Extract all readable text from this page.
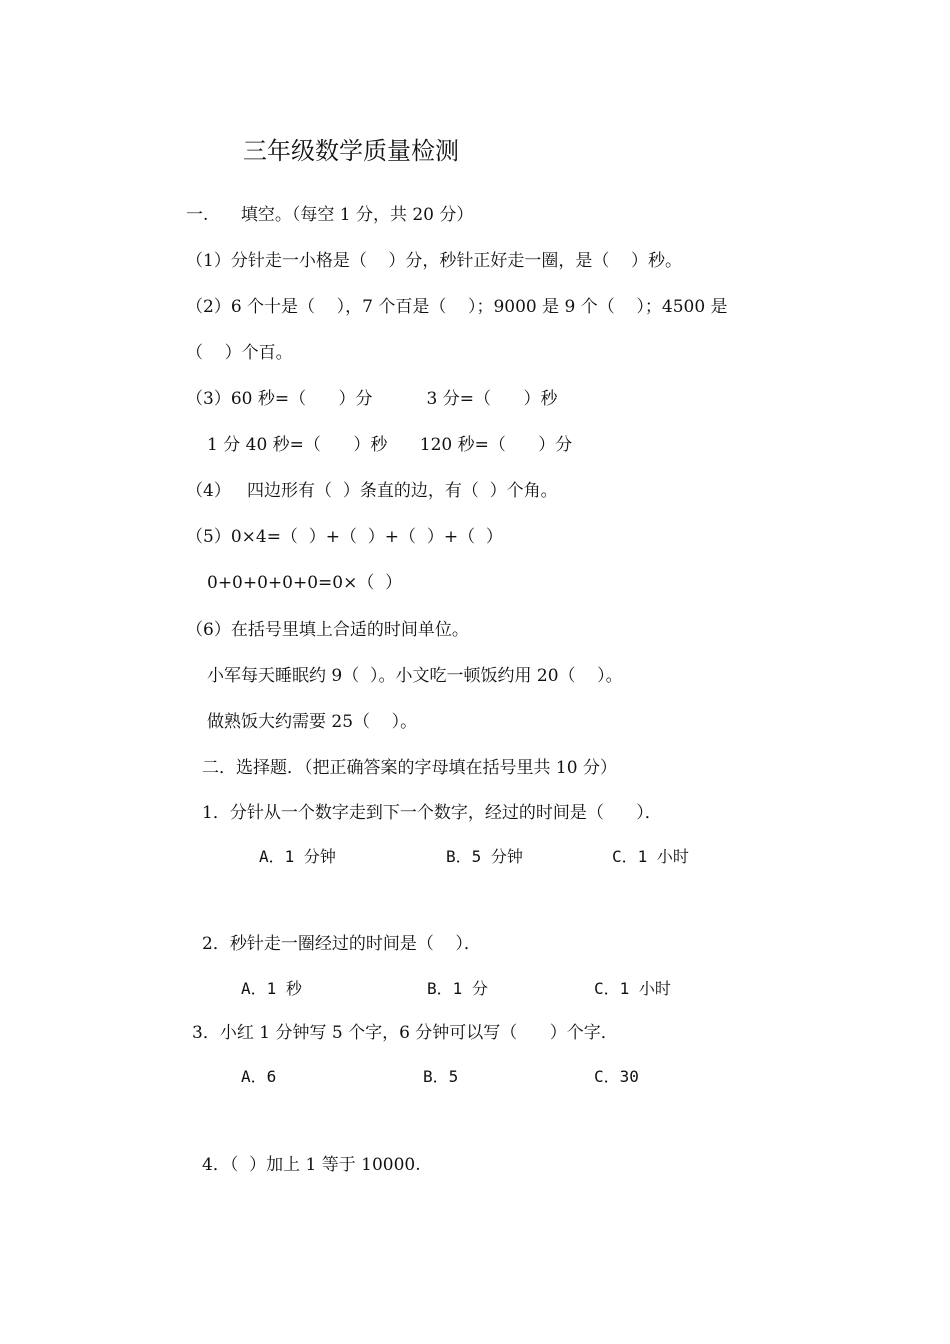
三年级数学质量检测
一.      填空。（每空 1 分，共 20 分）
（1）分针走一小格是（    ）分，秒针正好走一圈，是（    ）秒。
（2）6 个十是（    ），7 个百是（    ）；9000 是 9 个（    ）；4500 是
（    ）个百。
（3）60 秒=（      ）分          3 分=（      ）秒
1 分 40 秒=（      ）秒      120 秒=（      ）分
（4）   四边形有（  ）条直的边，有（  ）个角。
（5）0×4=（  ）+（  ）+（  ）+（  ）
0+0+0+0+0=0×（  ）
（6）在括号里填上合适的时间单位。
小军每天睡眠约 9（  ）。小文吃一顿饭约用 20（    ）。
做熟饭大约需要 25（    ）。
二．选择题．（把正确答案的字母填在括号里共 10 分）
1．分针从一个数字走到下一个数字，经过的时间是（      ）．
A．1 分钟	B．5 分钟	C．1 小时
2．秒针走一圈经过的时间是（    ）．
A．1 秒	B．1 分	C．1 小时
3．小红 1 分钟写 5 个字，6 分钟可以写（      ）个字．
A．6	B．5	C．30
4．（  ）加上 1 等于 10000.
